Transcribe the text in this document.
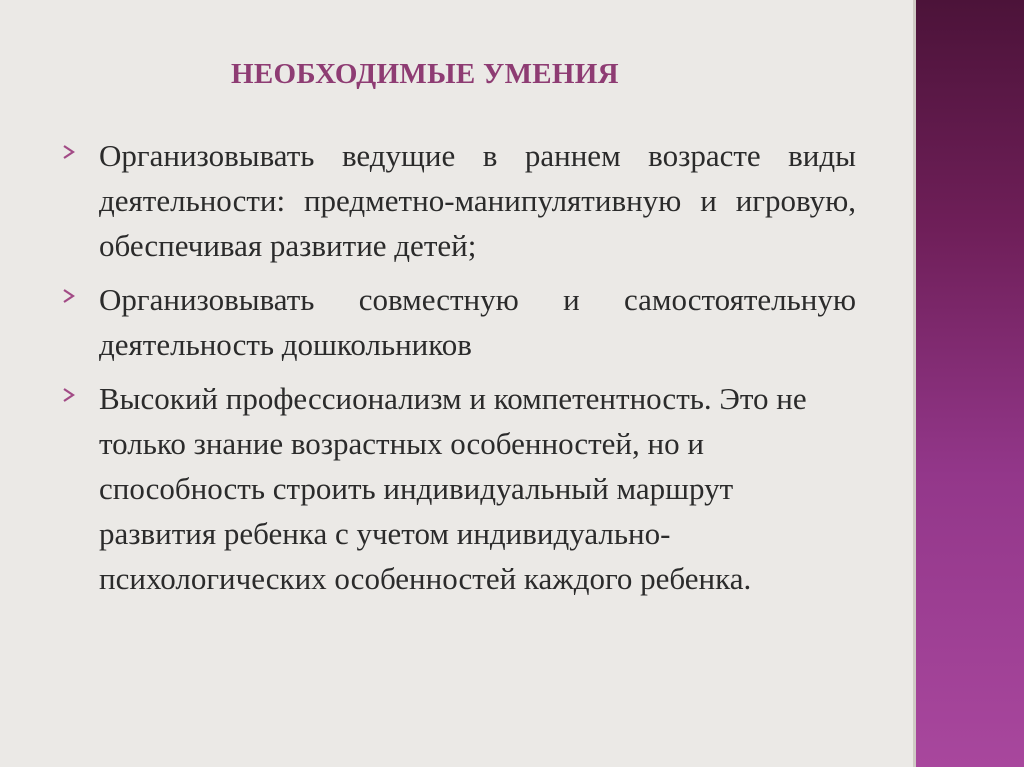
НЕОБХОДИМЫЕ УМЕНИЯ
Организовывать ведущие в раннем возрасте виды деятельности: предметно-манипулятивную и игровую, обеспечивая развитие детей;
Организовывать совместную и самостоятельную деятельность дошкольников
Высокий профессионализм и компетентность. Это не только знание возрастных особенностей, но и способность строить индивидуальный маршрут развития ребенка с учетом индивидуально-психологических особенностей каждого ребенка.
